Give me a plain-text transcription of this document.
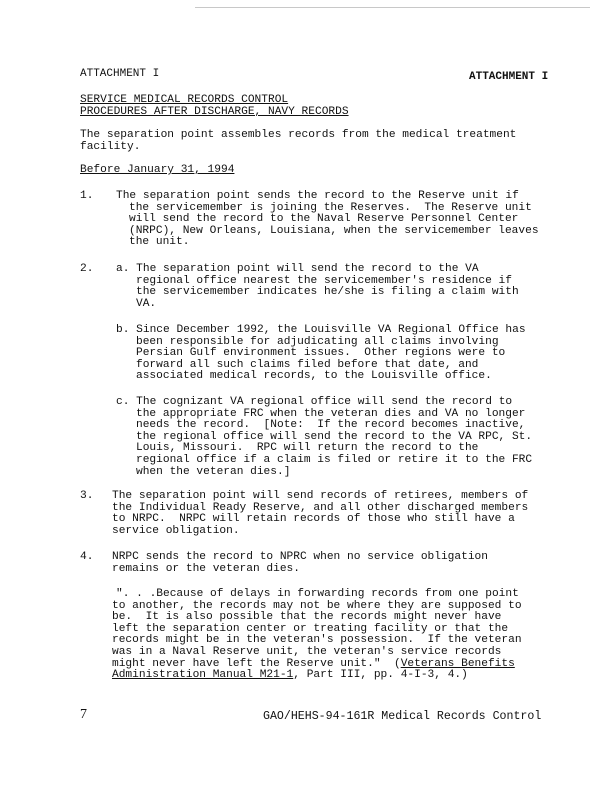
ATTACHMENT I	ATTACHMENT I
SERVICE MEDICAL RECORDS CONTROL
PROCEDURES AFTER DISCHARGE, NAVY RECORDS
The separation point assembles records from the medical treatment
facility.
Before January 31, 1994
1. The separation point sends the record to the Reserve unit if
the servicemember is joining the Reserves.  The Reserve unit
will send the record to the Naval Reserve Personnel Center
(NRPC), New Orleans, Louisiana, when the servicemember leaves
the unit.
2. a. The separation point will send the record to the VA
regional office nearest the servicemember's residence if
the servicemember indicates he/she is filing a claim with
VA.
b. Since December 1992, the Louisville VA Regional Office has
been responsible for adjudicating all claims involving
Persian Gulf environment issues.  Other regions were to
forward all such claims filed before that date, and
associated medical records, to the Louisville office.
c. The cognizant VA regional office will send the record to
the appropriate FRC when the veteran dies and VA no longer
needs the record.  [Note:  If the record becomes inactive,
the regional office will send the record to the VA RPC, St.
Louis, Missouri.  RPC will return the record to the
regional office if a claim is filed or retire it to the FRC
when the veteran dies.]
3. The separation point will send records of retirees, members of
the Individual Ready Reserve, and all other discharged members
to NRPC.  NRPC will retain records of those who still have a
service obligation.
4. NRPC sends the record to NPRC when no service obligation
remains or the veteran dies.
". . .Because of delays in forwarding records from one point
to another, the records may not be where they are supposed to
be.  It is also possible that the records might never have
left the separation center or treating facility or that the
records might be in the veteran's possession.  If the veteran
was in a Naval Reserve unit, the veteran's service records
might never have left the Reserve unit."  (Veterans Benefits
Administration Manual M21-1, Part III, pp. 4-I-3, 4.)
7	GAO/HEHS-94-161R Medical Records Control
